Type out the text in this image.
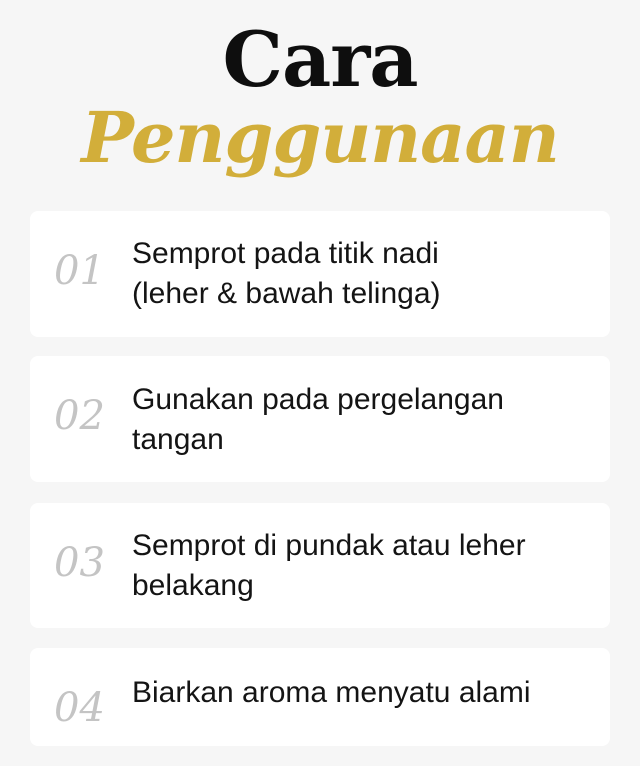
Cara
Penggunaan
01 Semprot pada titik nadi
(leher & bawah telinga)
02 Gunakan pada pergelangan
tangan
03 Semprot di pundak atau leher
belakang
04 Biarkan aroma menyatu alami
